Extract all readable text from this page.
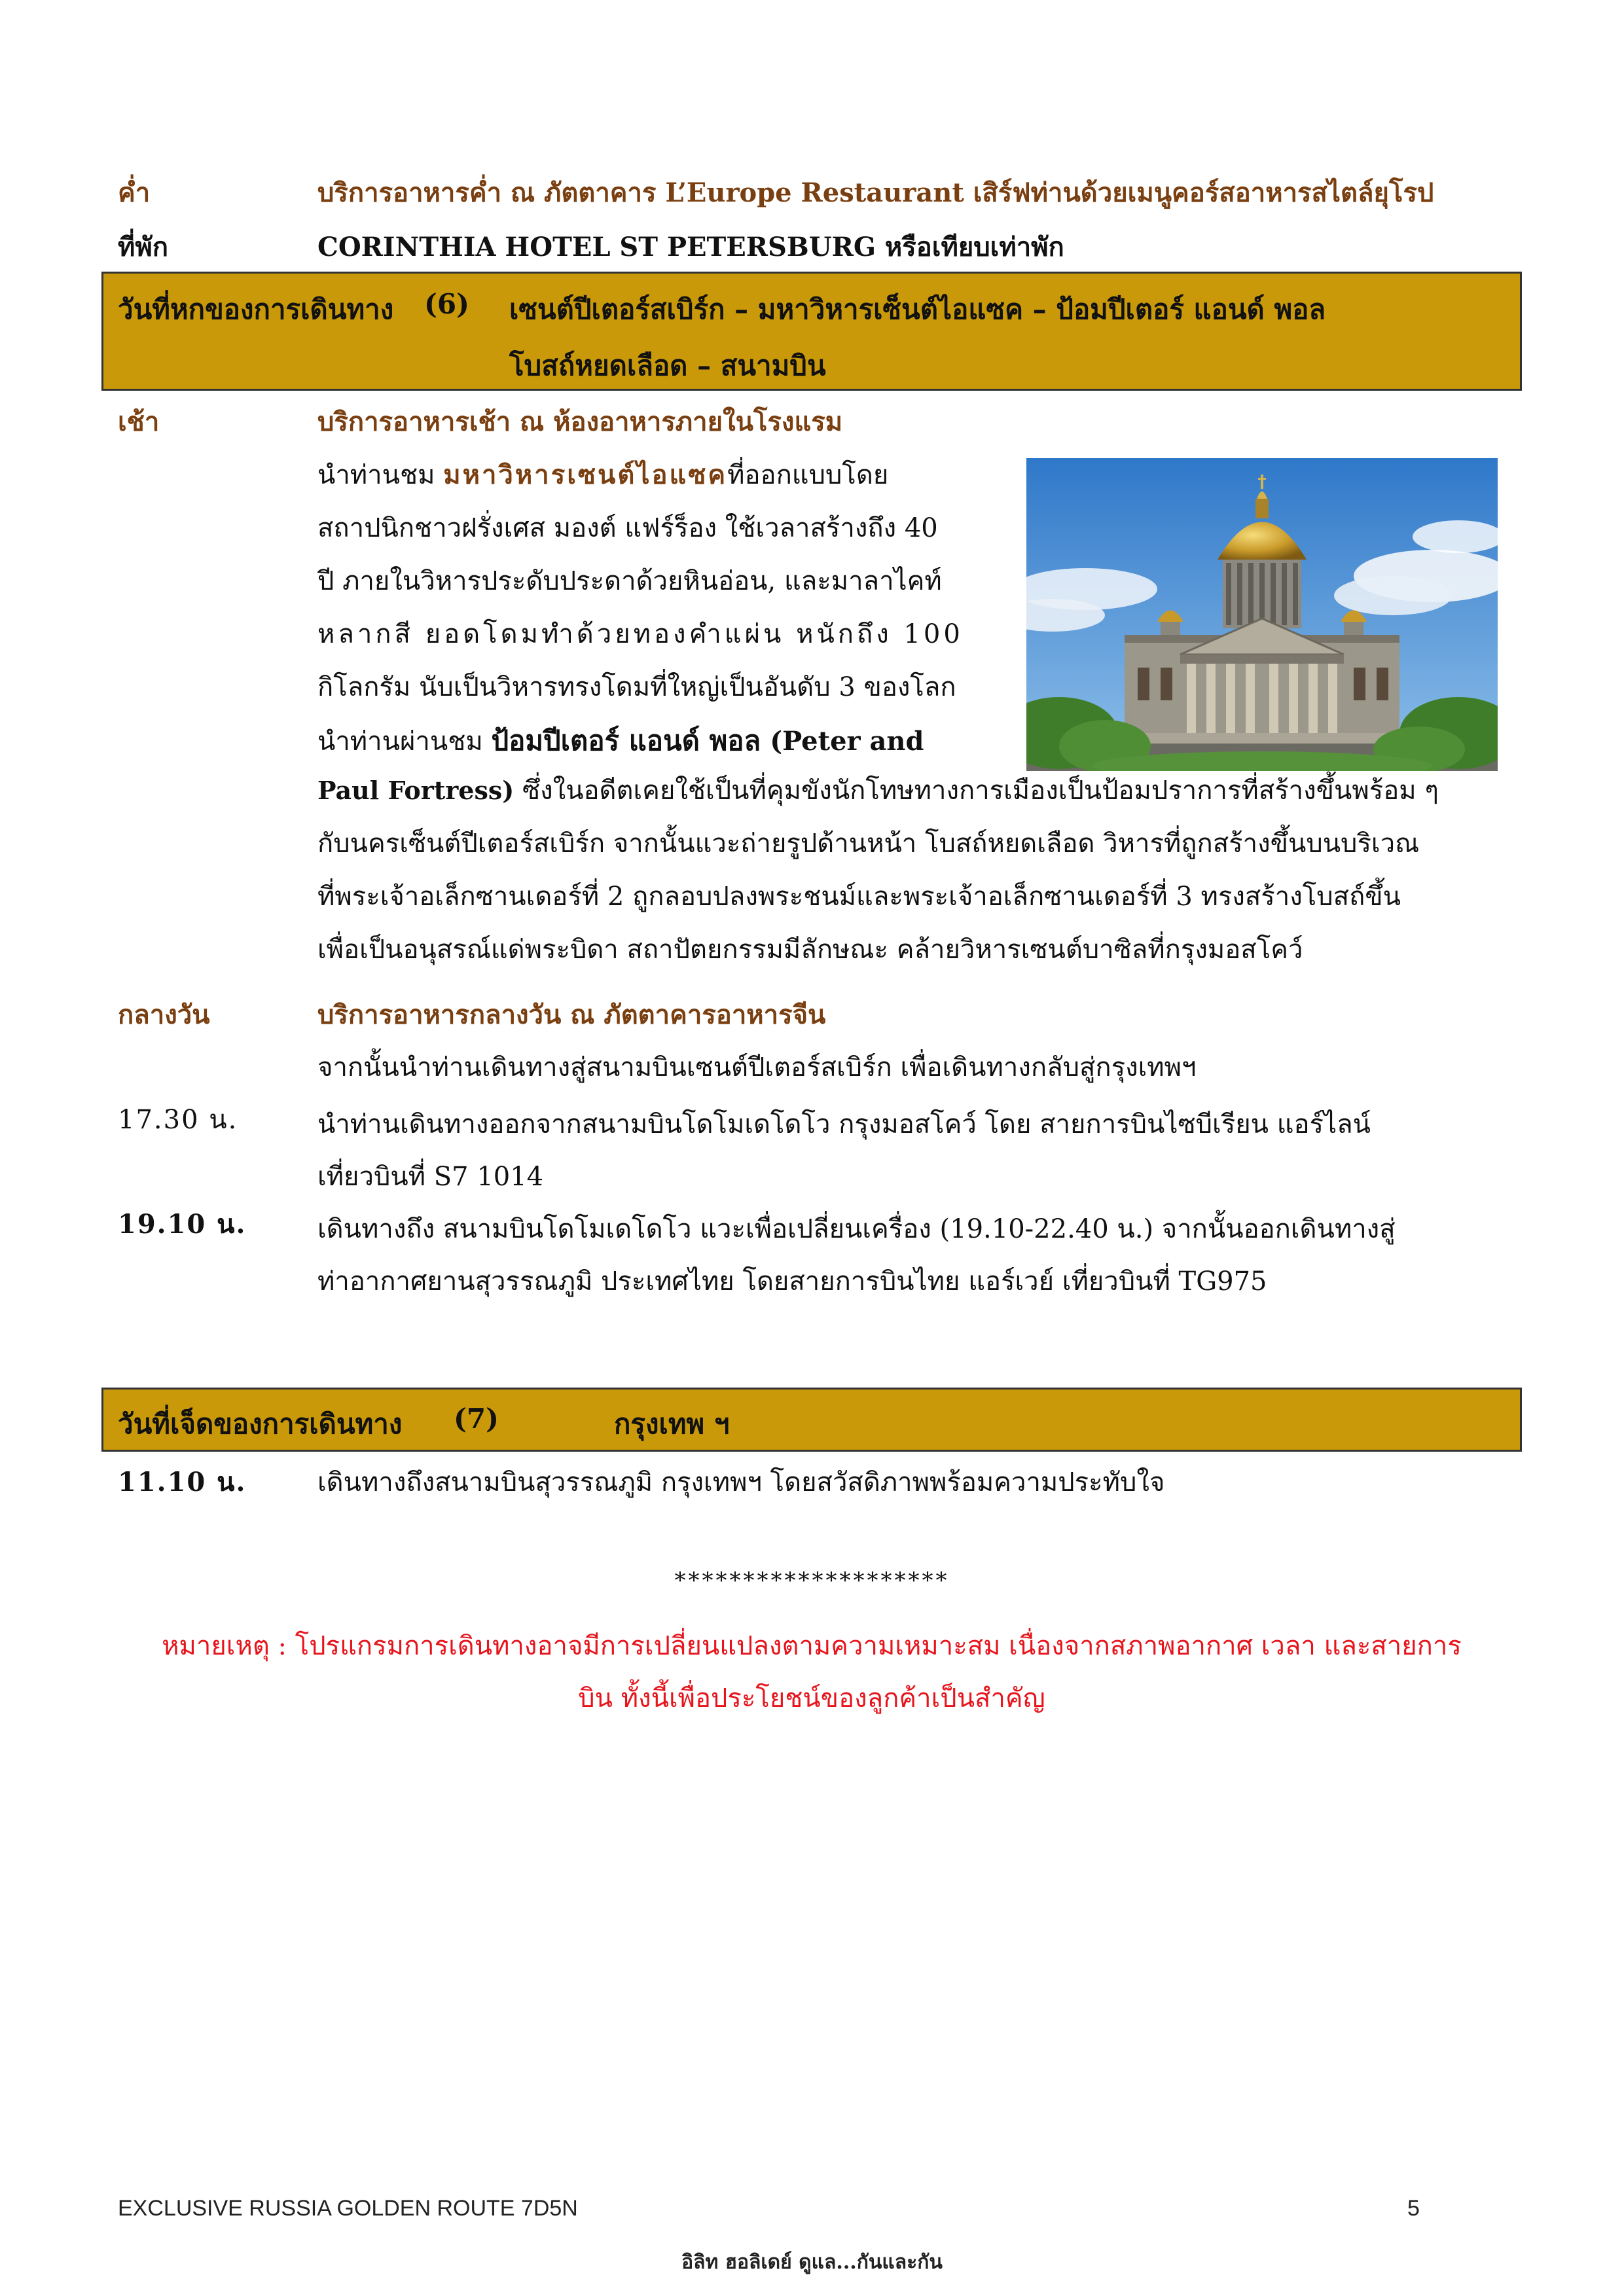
ค่ำ	บริการอาหารค่ำ ณ ภัตตาคาร L’Europe Restaurant เสิร์ฟท่านด้วยเมนูคอร์สอาหารสไตล์ยุโรป
ที่พัก	CORINTHIA HOTEL ST PETERSBURG หรือเทียบเท่าพัก
วันที่หกของการเดินทาง (6) เซนต์ปีเตอร์สเบิร์ก – มหาวิหารเซ็นต์ไอแซค – ป้อมปีเตอร์ แอนด์ พอล
โบสถ์หยดเลือด – สนามบิน
เช้า	บริการอาหารเช้า ณ ห้องอาหารภายในโรงแรม
นำท่านชม มหาวิหารเซนต์ไอแซคที่ออกแบบโดย
สถาปนิกชาวฝรั่งเศส มองต์ แฟร์ร็อง ใช้เวลาสร้างถึง 40
ปี ภายในวิหารประดับประดาด้วยหินอ่อน, และมาลาไคท์
หลากสี ยอดโดมทำด้วยทองคำแผ่น หนักถึง 100
กิโลกรัม นับเป็นวิหารทรงโดมที่ใหญ่เป็นอันดับ 3 ของโลก
นำท่านผ่านชม ป้อมปีเตอร์ แอนด์ พอล (Peter and
Paul Fortress) ซึ่งในอดีตเคยใช้เป็นที่คุมขังนักโทษทางการเมืองเป็นป้อมปราการที่สร้างขึ้นพร้อม ๆ
กับนครเซ็นต์ปีเตอร์สเบิร์ก จากนั้นแวะถ่ายรูปด้านหน้า โบสถ์หยดเลือด วิหารที่ถูกสร้างขึ้นบนบริเวณ
ที่พระเจ้าอเล็กซานเดอร์ที่ 2 ถูกลอบปลงพระชนม์และพระเจ้าอเล็กซานเดอร์ที่ 3 ทรงสร้างโบสถ์ขึ้น
เพื่อเป็นอนุสรณ์แด่พระบิดา สถาปัตยกรรมมีลักษณะ คล้ายวิหารเซนต์บาซิลที่กรุงมอสโคว์
กลางวัน	บริการอาหารกลางวัน ณ ภัตตาคารอาหารจีน
จากนั้นนำท่านเดินทางสู่สนามบินเซนต์ปีเตอร์สเบิร์ก เพื่อเดินทางกลับสู่กรุงเทพฯ
17.30 น.	นำท่านเดินทางออกจากสนามบินโดโมเดโดโว กรุงมอสโคว์ โดย สายการบินไซบีเรียน แอร์ไลน์
เที่ยวบินที่ S7 1014
19.10 น.	เดินทางถึง สนามบินโดโมเดโดโว แวะเพื่อเปลี่ยนเครื่อง (19.10-22.40 น.) จากนั้นออกเดินทางสู่
ท่าอากาศยานสุวรรณภูมิ ประเทศไทย โดยสายการบินไทย แอร์เวย์ เที่ยวบินที่ TG975
วันที่เจ็ดของการเดินทาง (7)	กรุงเทพ ฯ
11.10 น.	เดินทางถึงสนามบินสุวรรณภูมิ กรุงเทพฯ โดยสวัสดิภาพพร้อมความประทับใจ
********************
หมายเหตุ : โปรแกรมการเดินทางอาจมีการเปลี่ยนแปลงตามความเหมาะสม เนื่องจากสภาพอากาศ เวลา และสายการ
บิน ทั้งนี้เพื่อประโยชน์ของลูกค้าเป็นสำคัญ
EXCLUSIVE RUSSIA GOLDEN ROUTE 7D5N	5
อิลิท ฮอลิเดย์ ดูแล...กันและกัน
